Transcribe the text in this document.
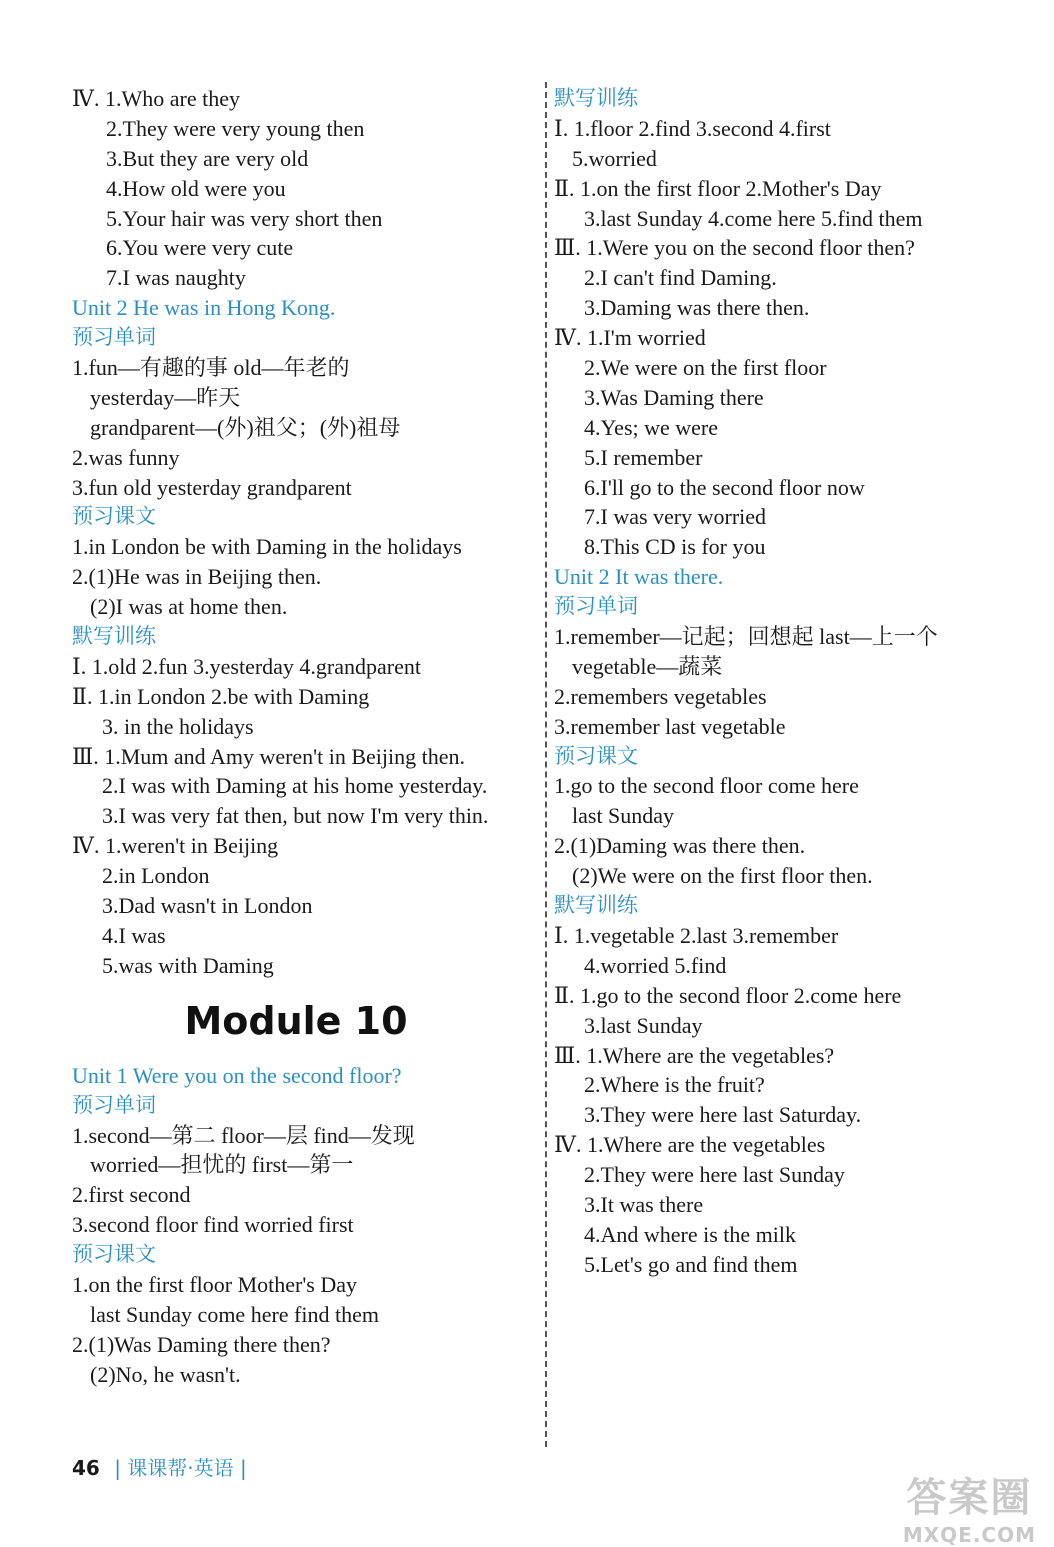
Ⅳ. 1.Who are they
2.They were very young then
3.But they are very old
4.How old were you
5.Your hair was very short then
6.You were very cute
7.I was naughty
Unit 2 He was in Hong Kong.
预习单词
1.fun—有趣的事 old—年老的
yesterday—昨天
grandparent—(外)祖父；(外)祖母
2.was funny
3.fun old yesterday grandparent
预习课文
1.in London be with Daming in the holidays
2.(1)He was in Beijing then.
(2)I was at home then.
默写训练
Ⅰ. 1.old 2.fun 3.yesterday 4.grandparent
Ⅱ. 1.in London 2.be with Daming
3. in the holidays
Ⅲ. 1.Mum and Amy weren't in Beijing then.
2.I was with Daming at his home yesterday.
3.I was very fat then, but now I'm very thin.
Ⅳ. 1.weren't in Beijing
2.in London
3.Dad wasn't in London
4.I was
5.was with Daming
Module 10
Unit 1 Were you on the second floor?
预习单词
1.second—第二 floor—层 find—发现
worried—担忧的 first—第一
2.first second
3.second floor find worried first
预习课文
1.on the first floor Mother's Day
last Sunday come here find them
2.(1)Was Daming there then?
(2)No, he wasn't.
默写训练
Ⅰ. 1.floor 2.find 3.second 4.first
5.worried
Ⅱ. 1.on the first floor 2.Mother's Day
3.last Sunday 4.come here 5.find them
Ⅲ. 1.Were you on the second floor then?
2.I can't find Daming.
3.Daming was there then.
Ⅳ. 1.I'm worried
2.We were on the first floor
3.Was Daming there
4.Yes; we were
5.I remember
6.I'll go to the second floor now
7.I was very worried
8.This CD is for you
Unit 2 It was there.
预习单词
1.remember—记起；回想起 last—上一个
vegetable—蔬菜
2.remembers vegetables
3.remember last vegetable
预习课文
1.go to the second floor come here
last Sunday
2.(1)Daming was there then.
(2)We were on the first floor then.
默写训练
Ⅰ. 1.vegetable 2.last 3.remember
4.worried 5.find
Ⅱ. 1.go to the second floor 2.come here
3.last Sunday
Ⅲ. 1.Where are the vegetables?
2.Where is the fruit?
3.They were here last Saturday.
Ⅳ. 1.Where are the vegetables
2.They were here last Sunday
3.It was there
4.And where is the milk
5.Let's go and find them
46 | 课课帮·英语 |
答案圈
MXQE.COM
